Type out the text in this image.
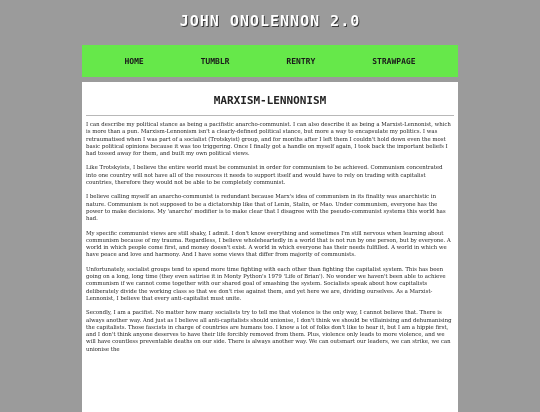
JOHN ONOLENNON 2.0
HOME	TUMBLR	RENTRY	STRAWPAGE
MARXISM-LENNONISM

I can describe my political stance as being a pacifistic anarcho-communist. I can also describe it as being a Marxist-Lennonist, which is more than a pun. Marxism-Lennonism isn't a clearly-defined political stance, but more a way to encapsulate my politics. I was retraumatised when I was part of a socialist (Trotskyist) group, and for months after I left them I couldn't hold down even the most basic political opinions because it was too triggering. Once I finally got a handle on myself again, I took back the important beliefs I had tossed away for them, and built my own political views.

Like Trotskyists, I believe the entire world must be communist in order for communism to be achieved. Communism concentrated into one country will not have all of the resources it needs to support itself and would have to rely on trading with capitalist countries, therefore they would not be able to be completely communist.

I believe calling myself an anarcho-communist is redundant because Marx's idea of communism in its finality was anarchistic in nature. Communism is not supposed to be a dictatorship like that of Lenin, Stalin, or Mao. Under communism, everyone has the power to make decisions. My 'anarcho' modifier is to make clear that I disagree with the pseudo-communist systems this world has had.

My specific communist views are still shaky, I admit. I don't know everything and sometimes I'm still nervous when learning about communism because of my trauma. Regardless, I believe wholeheartedly in a world that is not run by one person, but by everyone. A world in which people come first, and money doesn't exist. A world in which everyone has their needs fulfilled. A world in which we have peace and love and harmony. And I have some views that differ from majority of communists.

Unfortunately, socialist groups tend to spend more time fighting with each other than fighting the capitalist system. This has been going on a long, long time (they even satirise it in Monty Python's 1979 'Life of Brian'). No wonder we haven't been able to achieve communism if we cannot come together with our shared goal of smashing the system. Socialists speak about how capitalists deliberately divide the working class so that we don't rise against them, and yet here we are, dividing ourselves. As a Marxist-Lennonist, I believe that every anti-capitalist must unite.

Secondly, I am a pacifist. No matter how many socialists try to tell me that violence is the only way, I cannot believe that. There is always another way. And just as I believe all anti-capitalists should unionise, I don't think we should be villainising and dehumanising the capitalists. Those fascists in charge of countries are humans too. I know a lot of folks don't like to hear it, but I am a hippie first, and I don't think anyone deserves to have their life forcibly removed from them. Plus, violence only leads to more violence, and we will have countless preventable deaths on our side. There is always another way. We can outsmart our leaders, we can strike, we can unionise the
